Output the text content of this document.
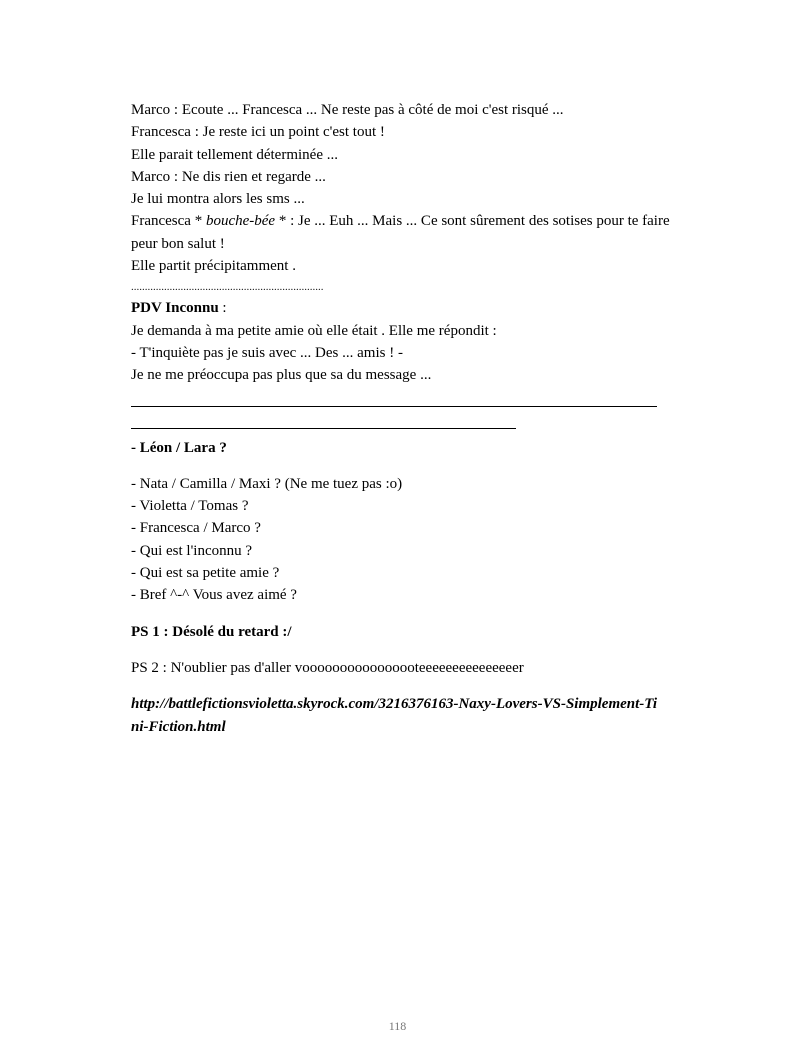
Marco : Ecoute ... Francesca ... Ne reste pas à côté de moi c'est risqué ...
Francesca : Je reste ici un point c'est tout !
Elle parait tellement déterminée ...
Marco : Ne dis rien et regarde ...
Je lui montra alors les sms ...
Francesca * bouche-bée * : Je ... Euh ... Mais ... Ce sont sûrement des sotises pour te faire peur bon salut !
Elle partit précipitamment .
......................................................................
PDV Inconnu :
Je demanda à ma petite amie où elle était . Elle me répondit :
- T'inquiète pas je suis avec ... Des ... amis ! -
Je ne me préoccupa pas plus que sa du message ...
- Léon / Lara ?
- Nata / Camilla / Maxi ? (Ne me tuez pas :o)
- Violetta / Tomas ?
- Francesca / Marco ?
- Qui est l'inconnu ?
- Qui est sa petite amie ?
- Bref ^-^ Vous avez aimé ?
PS 1 : Désolé du retard :/
PS 2 : N'oublier pas d'aller voooooooooooooooteeeeeeeeeeeeeeer
http://battlefictionsvioletta.skyrock.com/3216376163-Naxy-Lovers-VS-Simplement-Tini-Fiction.html
118
